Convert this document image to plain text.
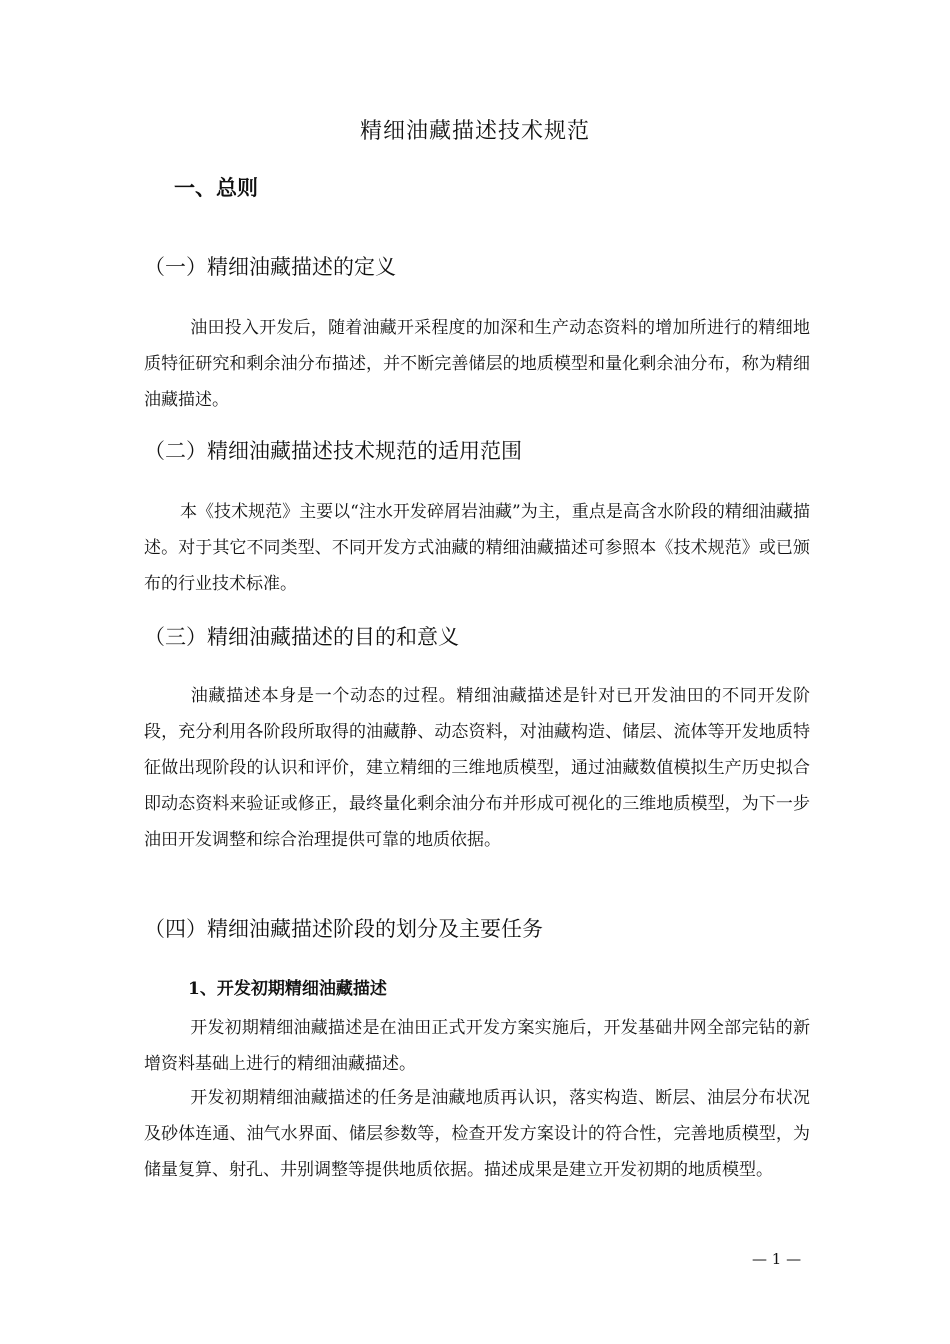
精细油藏描述技术规范
一、总则
（一）精细油藏描述的定义
油田投入开发后，随着油藏开采程度的加深和生产动态资料的增加所进行的精细地质特征研究和剩余油分布描述，并不断完善储层的地质模型和量化剩余油分布，称为精细油藏描述。
（二）精细油藏描述技术规范的适用范围
本《技术规范》主要以“注水开发碎屑岩油藏”为主，重点是高含水阶段的精细油藏描述。对于其它不同类型、不同开发方式油藏的精细油藏描述可参照本《技术规范》或已颁布的行业技术标准。
（三）精细油藏描述的目的和意义
油藏描述本身是一个动态的过程。精细油藏描述是针对已开发油田的不同开发阶段，充分利用各阶段所取得的油藏静、动态资料，对油藏构造、储层、流体等开发地质特征做出现阶段的认识和评价，建立精细的三维地质模型，通过油藏数值模拟生产历史拟合即动态资料来验证或修正，最终量化剩余油分布并形成可视化的三维地质模型，为下一步油田开发调整和综合治理提供可靠的地质依据。
（四）精细油藏描述阶段的划分及主要任务
1、开发初期精细油藏描述
开发初期精细油藏描述是在油田正式开发方案实施后，开发基础井网全部完钻的新增资料基础上进行的精细油藏描述。
开发初期精细油藏描述的任务是油藏地质再认识，落实构造、断层、油层分布状况及砂体连通、油气水界面、储层参数等，检查开发方案设计的符合性，完善地质模型，为储量复算、射孔、井别调整等提供地质依据。描述成果是建立开发初期的地质模型。
— 1 —
